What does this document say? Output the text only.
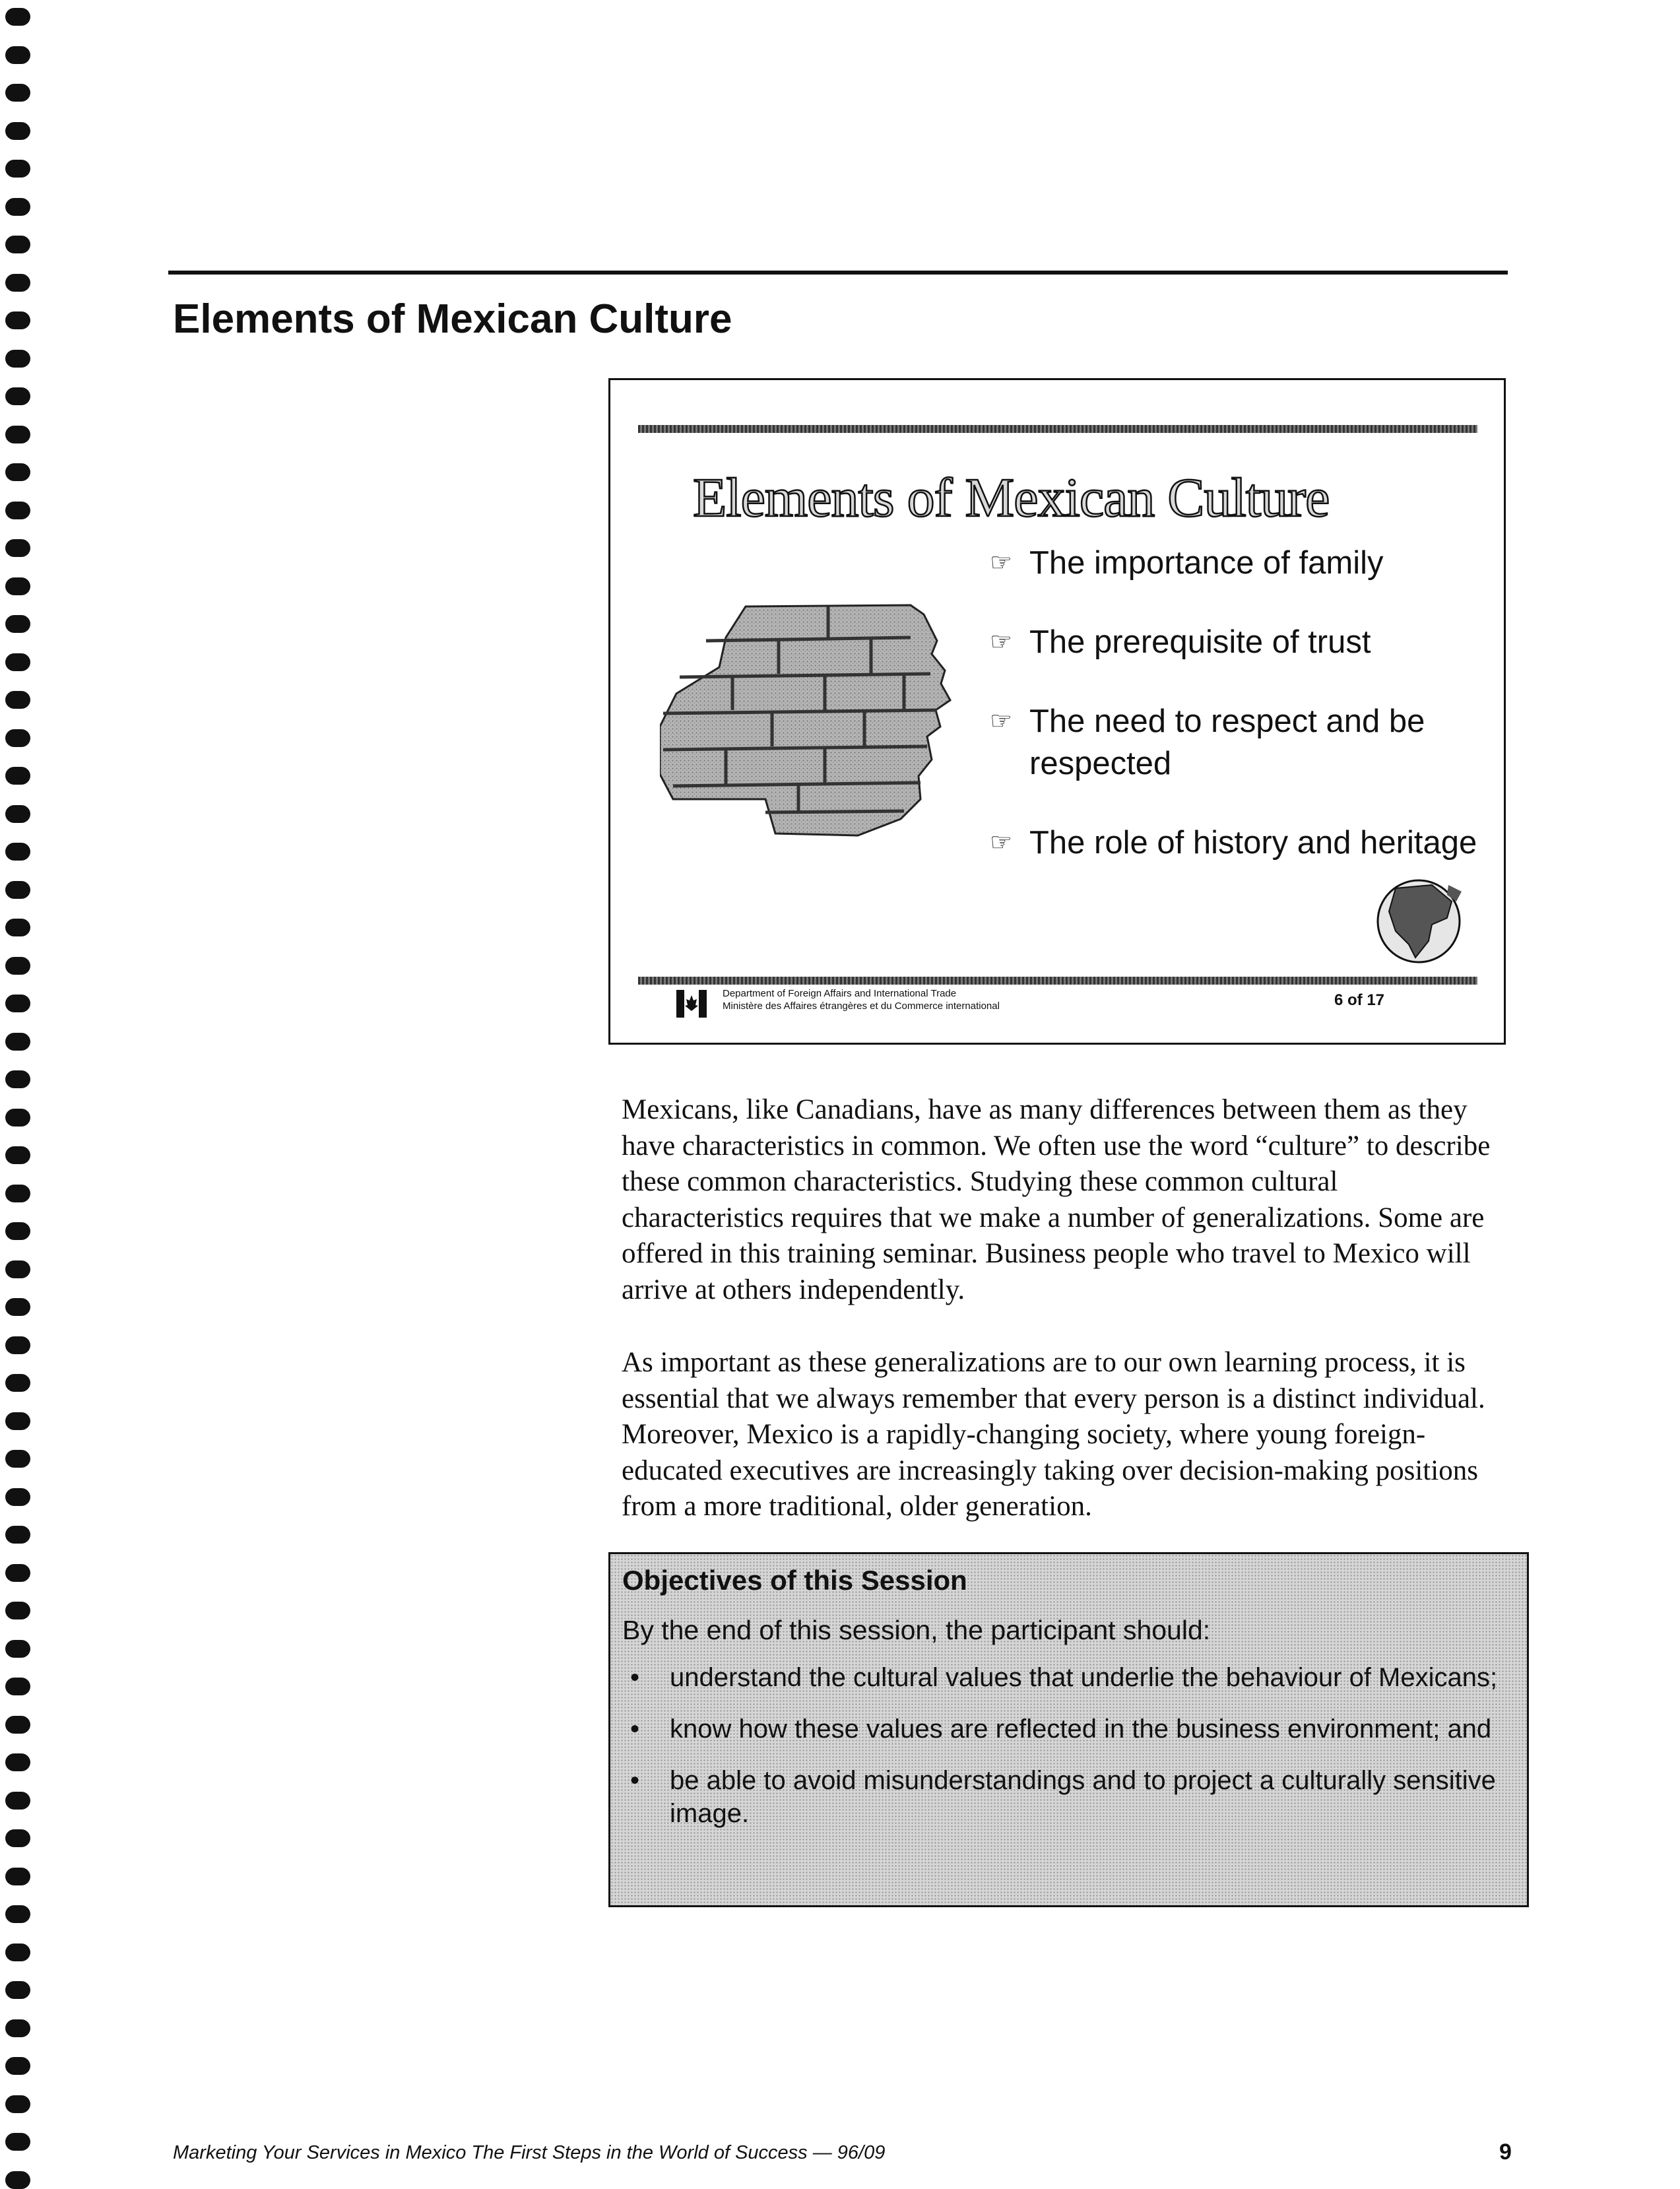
Elements of Mexican Culture
Elements of Mexican Culture
☞ The importance of family
☞ The prerequisite of trust
☞ The need to respect and be respected
☞ The role of history and heritage
Department of Foreign Affairs and International Trade
Ministère des Affaires étrangères et du Commerce international	6 of 17

Mexicans, like Canadians, have as many differences between them as they have characteristics in common. We often use the word “culture” to describe these common characteristics. Studying these common cultural characteristics requires that we make a number of generalizations. Some are offered in this training seminar. Business people who travel to Mexico will arrive at others independently.

As important as these generalizations are to our own learning process, it is essential that we always remember that every person is a distinct individual. Moreover, Mexico is a rapidly-changing society, where young foreign-educated executives are increasingly taking over decision-making positions from a more traditional, older generation.

Objectives of this Session
By the end of this session, the participant should:
• understand the cultural values that underlie the behaviour of Mexicans;
• know how these values are reflected in the business environment; and
• be able to avoid misunderstandings and to project a culturally sensitive image.
Marketing Your Services in Mexico The First Steps in the World of Success — 96/09	9
